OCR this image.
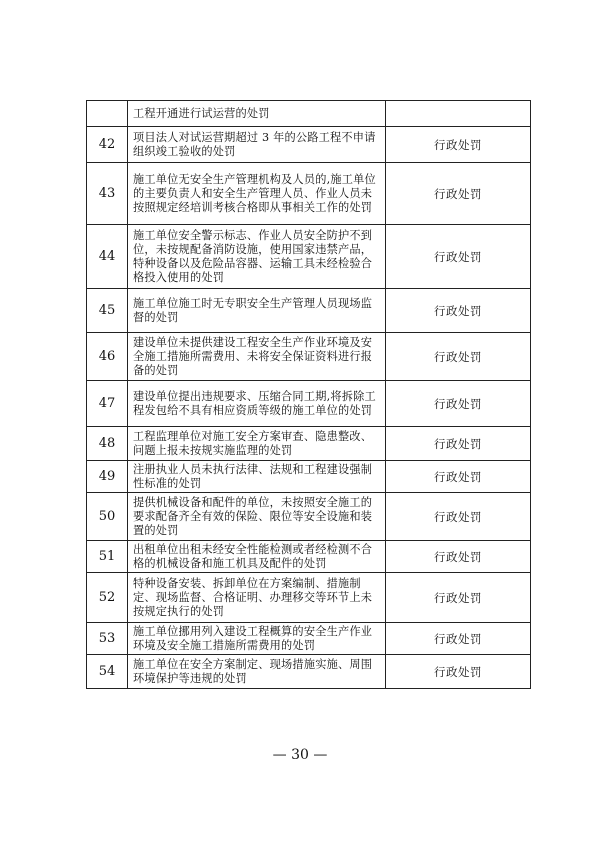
	工程开通进行试运营的处罚	
42	项目法人对试运营期超过 3 年的公路工程不申请组织竣工验收的处罚	行政处罚
43	施工单位无安全生产管理机构及人员的,施工单位的主要负责人和安全生产管理人员、作业人员未按照规定经培训考核合格即从事相关工作的处罚	行政处罚
44	施工单位安全警示标志、作业人员安全防护不到位，未按规配备消防设施，使用国家违禁产品，特种设备以及危险品容器、运输工具未经检验合格投入使用的处罚	行政处罚
45	施工单位施工时无专职安全生产管理人员现场监督的处罚	行政处罚
46	建设单位未提供建设工程安全生产作业环境及安全施工措施所需费用、未将安全保证资料进行报备的处罚	行政处罚
47	建设单位提出违规要求、压缩合同工期,将拆除工程发包给不具有相应资质等级的施工单位的处罚	行政处罚
48	工程监理单位对施工安全方案审查、隐患整改、问题上报未按规实施监理的处罚	行政处罚
49	注册执业人员未执行法律、法规和工程建设强制性标准的处罚	行政处罚
50	提供机械设备和配件的单位，未按照安全施工的要求配备齐全有效的保险、限位等安全设施和装置的处罚	行政处罚
51	出租单位出租未经安全性能检测或者经检测不合格的机械设备和施工机具及配件的处罚	行政处罚
52	特种设备安装、拆卸单位在方案编制、措施制定、现场监督、合格证明、办理移交等环节上未按规定执行的处罚	行政处罚
53	施工单位挪用列入建设工程概算的安全生产作业环境及安全施工措施所需费用的处罚	行政处罚
54	施工单位在安全方案制定、现场措施实施、周围环境保护等违规的处罚	行政处罚
— 30 —
